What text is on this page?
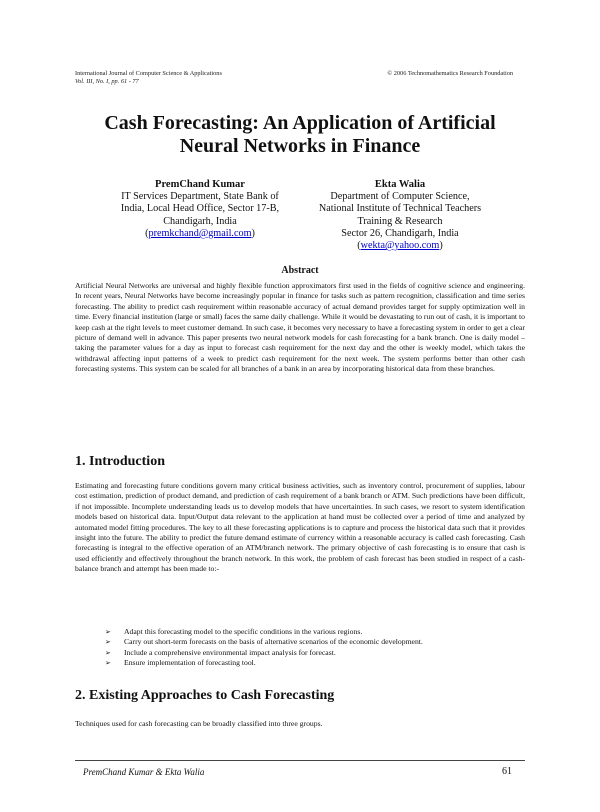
International Journal of Computer Science & Applications
Vol. III, No. I, pp. 61 - 77
© 2006 Technomathematics Research Foundation
Cash Forecasting: An Application of Artificial
Neural Networks in Finance
PremChand Kumar
IT Services Department, State Bank of
India, Local Head Office, Sector 17-B,
Chandigarh, India
(premkchand@gmail.com)
Ekta Walia
Department of Computer Science,
National Institute of Technical Teachers
Training & Research
Sector 26, Chandigarh, India
(wekta@yahoo.com)
Abstract

Artificial Neural Networks are universal and highly flexible function approximators first used in the fields of cognitive science and engineering. In recent years, Neural Networks have become increasingly popular in finance for tasks such as pattern recognition, classification and time series forecasting. The ability to predict cash requirement within reasonable accuracy of actual demand provides target for supply optimization well in time. Every financial institution (large or small) faces the same daily challenge. While it would be devastating to run out of cash, it is important to keep cash at the right levels to meet customer demand. In such case, it becomes very necessary to have a forecasting system in order to get a clear picture of demand well in advance. This paper presents two neural network models for cash forecasting for a bank branch. One is daily model – taking the parameter values for a day as input to forecast cash requirement for the next day and the other is weekly model, which takes the withdrawal affecting input patterns of a week to predict cash requirement for the next week. The system performs better than other cash forecasting systems. This system can be scaled for all branches of a bank in an area by incorporating historical data from these branches.

1. Introduction

Estimating and forecasting future conditions govern many critical business activities, such as inventory control, procurement of supplies, labour cost estimation, prediction of product demand, and prediction of cash requirement of a bank branch or ATM. Such predictions have been difficult, if not impossible. Incomplete understanding leads us to develop models that have uncertainties. In such cases, we resort to system identification models based on historical data. Input/Output data relevant to the application at hand must be collected over a period of time and analyzed by automated model fitting procedures. The key to all these forecasting applications is to capture and process the historical data such that it provides insight into the future. The ability to predict the future demand estimate of currency within a reasonable accuracy is called cash forecasting. Cash forecasting is integral to the effective operation of an ATM/branch network. The primary objective of cash forecasting is to ensure that cash is used efficiently and effectively throughout the branch network. In this work, the problem of cash forecast has been studied in respect of a cash-balance branch and attempt has been made to:-

➢ Adapt this forecasting model to the specific conditions in the various regions.
➢ Carry out short-term forecasts on the basis of alternative scenarios of the economic development.
➢ Include a comprehensive environmental impact analysis for forecast.
➢ Ensure implementation of forecasting tool.
2. Existing Approaches to Cash Forecasting

Techniques used for cash forecasting can be broadly classified into three groups.

PremChand Kumar & Ekta Walia	61
